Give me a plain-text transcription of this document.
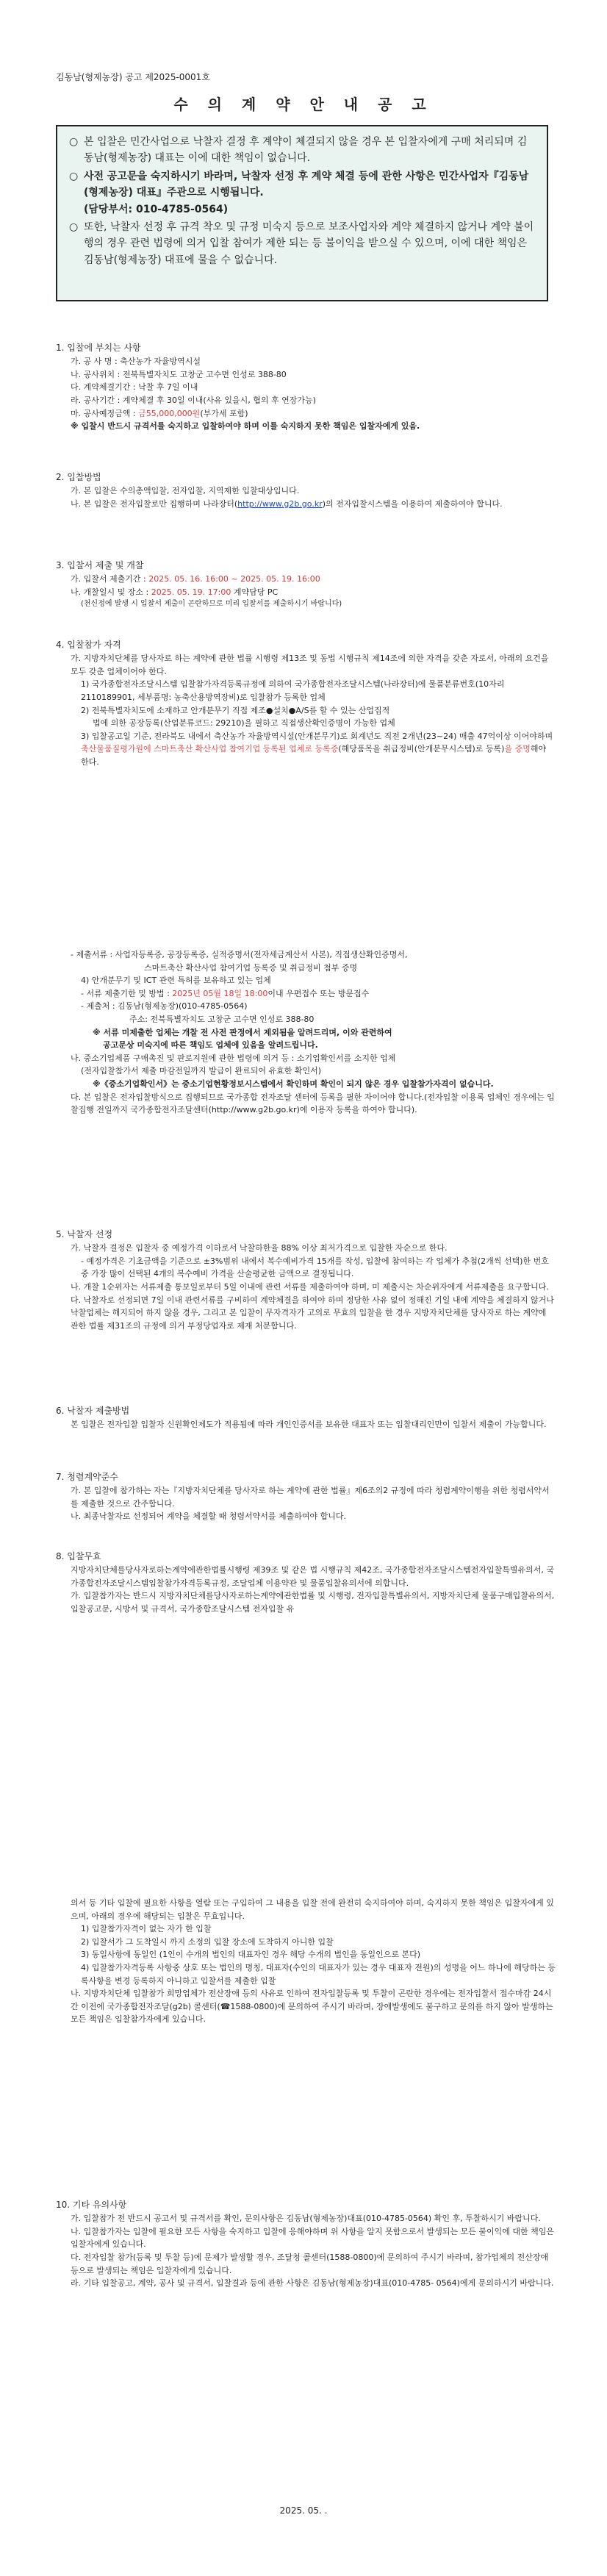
김동남(형제농장) 공고 제2025-0001호
수 의 계 약 안 내 공 고
○ 본 입찰은 민간사업으로 낙찰자 결정 후 계약이 체결되지 않을 경우 본 입찰자에게 구매 처리되며 김동남(형제농장) 대표는 이에 대한 책임이 없습니다.
○ 사전 공고문을 숙지하시기 바라며, 낙찰자 선정 후 계약 체결 등에 관한 사항은 민간사업자『김동남(형제농장) 대표』주관으로 시행됩니다.
(담당부서: 010-4785-0564)
○ 또한, 낙찰자 선정 후 규격 착오 및 규정 미숙지 등으로 보조사업자와 계약 체결하지 않거나 계약 불이행의 경우 관련 법령에 의거 입찰 참여가 제한 되는 등 불이익을 받으실 수 있으며, 이에 대한 책임은 김동남(형제농장) 대표에 물을 수 없습니다.

1. 입찰에 부치는 사항

가. 공 사 명 : 축산농가 자율방역시설

나. 공사위치 : 전북특별자치도 고창군 고수면 인성로 388-80

다. 계약체결기간 : 낙찰 후 7일 이내

라. 공사기간 : 계약체결 후 30일 이내(사유 있을시, 협의 후 연장가능)

마. 공사예정금액 : 금55,000,000원(부가세 포함)

※ 입찰시 반드시 규격서를 숙지하고 입찰하여야 하며 이를 숙지하지 못한 책임은 입찰자에게 있음.

2. 입찰방법

가. 본 입찰은 수의총액입찰, 전자입찰, 지역제한 입찰대상입니다.

나. 본 입찰은 전자입찰로만 집행하며 나라장터(http://www.g2b.go.kr)의 전자입찰시스템을 이용하여 제출하여야 합니다.

3. 입찰서 제출 및 개찰

가. 입찰서 제출기간 : 2025. 05. 16. 16:00 ~ 2025. 05. 19. 16:00

나. 개찰일시 및 장소 : 2025. 05. 19. 17:00 계약담당 PC

(천신정에 발생 시 입찰서 제출이 곤란하므로 미리 입찰서를 제출하시기 바랍니다)

4. 입찰참가 자격

가. 지방자치단체를 당사자로 하는 계약에 관한 법률 시행령 제13조 및 동법 시행규칙 제14조에 의한 자격을 갖춘 자로서, 아래의 요건을 모두 갖춘 업체이어야 한다.

1) 국가종합전자조달시스템 입찰참가자격등록규정에 의하여 국가종합전자조달시스템(나라장터)에 물품분류번호(10자리 2110189901, 세부품명: 농축산용방역장비)로 입찰참가 등록한 업체

2) 전북특별자치도에 소재하고 안개분무기 직접 제조●설치●A/S를 할 수 있는 산업집적

법에 의한 공장등록(산업분류코드: 29210)을 필하고 직접생산확인증명이 가능한 업체

3) 입찰공고일 기준, 전라북도 내에서 축산농가 자율방역시설(안개분무기)로 회계년도 직전 2개년(23~24) 매출 47억이상 이어야하며 축산물품질평가원에 스마트축산 확산사업 참여기업 등록된 업체로 등록증(해당품목을 취급정비(안개분무시스템)로 등록)을 증명해야 한다.

- 제출서류 : 사업자등록증, 공장등록증, 실적증명서(전자세금계산서 사본), 직접생산확인증명서,

스마트축산 확산사업 참여기업 등록증 및 취급정비 첨부 증명

4) 안개분무기 및 ICT 관련 특허를 보유하고 있는 업체

- 서류 제출기한 및 방법 : 2025년 05월 18일 18:00이내 우편접수 또는 방문접수

- 제출처 : 김동남(형제농장)(010-4785-0564)

주소: 전북특별자치도 고창군 고수면 인성로 388-80

※ 서류 미제출한 업체는 개찰 전 사전 판정에서 제외됨을 알려드리며, 이와 관련하여

공고문상 미숙지에 따른 책임도 업체에 있음을 알려드립니다.

나. 중소기업제품 구매촉진 및 판로지원에 관한 법령에 의거 등 : 소기업확인서를 소지한 업체

(전자입찰참가서 제출 마감전일까지 발급이 완료되어 유효한 확인서)

※《중소기업확인서》는 중소기업현황정보시스템에서 확인하며 확인이 되지 않은 경우 입찰참가자격이 없습니다.

다. 본 입찰은 전자입찰방식으로 집행되므로 국가종합 전자조달 센터에 등록을 필한 자이어야 합니다.(전자입찰 이용록 업체인 경우에는 입찰집행 전일까지 국가종합전자조달센터(http://www.g2b.go.kr)에 이용자 등록을 하여야 합니다).

5. 낙찰자 선정

가. 낙찰자 결정은 입찰자 중 예정가격 이하로서 낙찰하한율 88% 이상 최저가격으로 입찰한 자순으로 한다.

- 예정가격은 기초금액을 기준으로 ±3%범위 내에서 복수예비가격 15개를 작성, 입찰에 참여하는 각 업체가 추첨(2개씩 선택)한 번호 중 가장 많이 선택된 4개의 복수예비 가격을 산술평균한 금액으로 결정됩니다.

나. 개찰 1순위자는 서류제출 통보일로부터 5일 이내에 관련 서류를 제출하여야 하며, 미 제출시는 차순위자에게 서류제출을 요구합니다.

다. 낙찰자로 선정되면 7일 이내 관련서류를 구비하여 계약체결을 하여야 하며 정당한 사유 없이 정해진 기일 내에 계약을 체결하지 않거나 낙찰업체는 해지되어 하지 않을 경우, 그리고 본 입찰이 무자격자가 고의로 무효의 입찰을 한 경우 지방자치단체를 당사자로 하는 계약에 관한 법률 제31조의 규정에 의거 부정당업자로 제재 처분합니다.

6. 낙찰자 제출방법

본 입찰은 전자입찰 입찰자 신원확인제도가 적용됨에 따라 개인인증서를 보유한 대표자 또는 입찰대리인만이 입찰서 제출이 가능합니다.

7. 청렴계약준수

가. 본 입찰에 참가하는 자는『지방자치단체를 당사자로 하는 계약에 관한 법률』제6조의2 규정에 따라 청렴계약이행을 위한 청렴서약서를 제출한 것으로 간주합니다.

나. 최종낙찰자로 선정되어 계약을 체결할 때 청렴서약서를 제출하여야 합니다.

8. 입찰무효

지방자치단체를당사자로하는계약에관한법률시행령 제39조 및 같은 법 시행규칙 제42조, 국가종합전자조달시스템전자입찰특별유의서, 국가종합전자조달시스템입찰참가자격등록규정, 조달업체 이용약관 및 물품입찰유의서에 의합니다.

가. 입찰참가자는 반드시 지방자치단체를당사자로하는계약에관한법률 및 시행령, 전자입찰특별유의서, 지방자치단체 물품구매입찰유의서, 입찰공고문, 시방서 및 규격서, 국가종합조달시스템 전자입찰 유

의서 등 기타 입찰에 필요한 사항을 열람 또는 구입하여 그 내용을 입찰 전에 완전히 숙지하여야 하며, 숙지하지 못한 책임은 입찰자에게 있으며, 아래의 경우에 해당되는 입찰은 무효입니다.

1) 입찰참가자격이 없는 자가 한 입찰

2) 입찰서가 그 도착일시 까지 소정의 입찰 장소에 도착하지 아니한 입찰

3) 동일사항에 동일인 (1인이 수개의 법인의 대표자인 경우 해당 수개의 법인을 동일인으로 본다)

4) 입찰참가자격등록 사항중 상호 또는 법인의 명칭, 대표자(수인의 대표자가 있는 경우 대표자 전원)의 성명을 어느 하나에 해당하는 등록사항을 변경 등록하지 아니하고 입찰서를 제출한 입찰

나. 지방자치단체 입찰참가 희망업체가 전산장애 등의 사유로 인하여 전자입찰등록 및 투찰이 곤란한 경우에는 전자입찰서 접수마감 24시간 이전에 국가종합전자조달(g2b) 콜센터(☎1588-0800)에 문의하여 주시기 바라며, 장애발생에도 불구하고 문의를 하지 않아 발생하는 모든 책임은 입찰참가자에게 있습니다.

10. 기타 유의사항

가. 입찰참가 전 반드시 공고서 및 규격서를 확인, 문의사항은 김동남(형제농장)대표(010-4785-0564) 확인 후, 투찰하시기 바랍니다.

나. 입찰참가자는 입찰에 필요한 모든 사항을 숙지하고 입찰에 응해야하며 위 사항을 알지 못함으로서 발생되는 모든 불이익에 대한 책임은 입찰자에게 있습니다.

다. 전자입찰 참가(등록 및 투찰 등)에 문제가 발생할 경우, 조달청 콜센터(1588-0800)에 문의하여 주시기 바라며, 참가업체의 전산장애등으로 발생되는 책임은 입찰자에게 있습니다.

라. 기타 입찰공고, 계약, 공사 및 규격서, 입찰결과 등에 관한 사항은 김동남(형제농장)대표(010-4785- 0564)에게 문의하시기 바랍니다.

2025. 05. .
